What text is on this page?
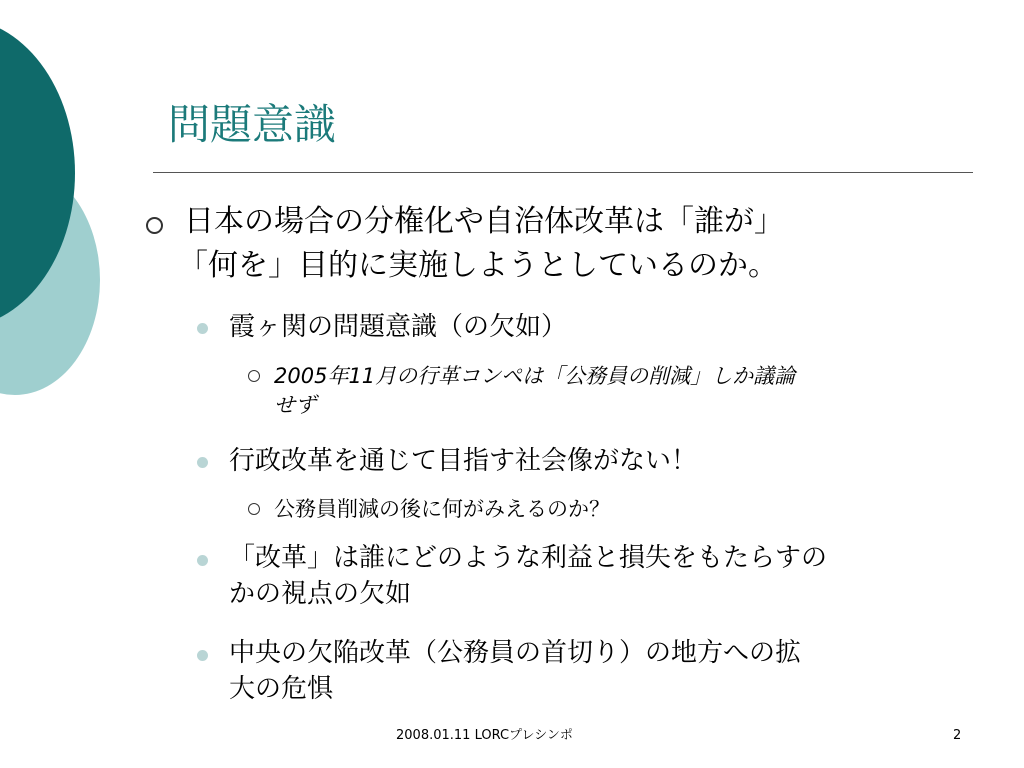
問題意識
日本の場合の分権化や自治体改革は「誰が」
「何を」目的に実施しようとしているのか。
霞ヶ関の問題意識（の欠如）
2005年11月の行革コンペは「公務員の削減」しか議論
せず
行政改革を通じて目指す社会像がない！
公務員削減の後に何がみえるのか？
「改革」は誰にどのような利益と損失をもたらすの
かの視点の欠如
中央の欠陥改革（公務員の首切り）の地方への拡
大の危惧
2008.01.11 LORCプレシンポ	2
